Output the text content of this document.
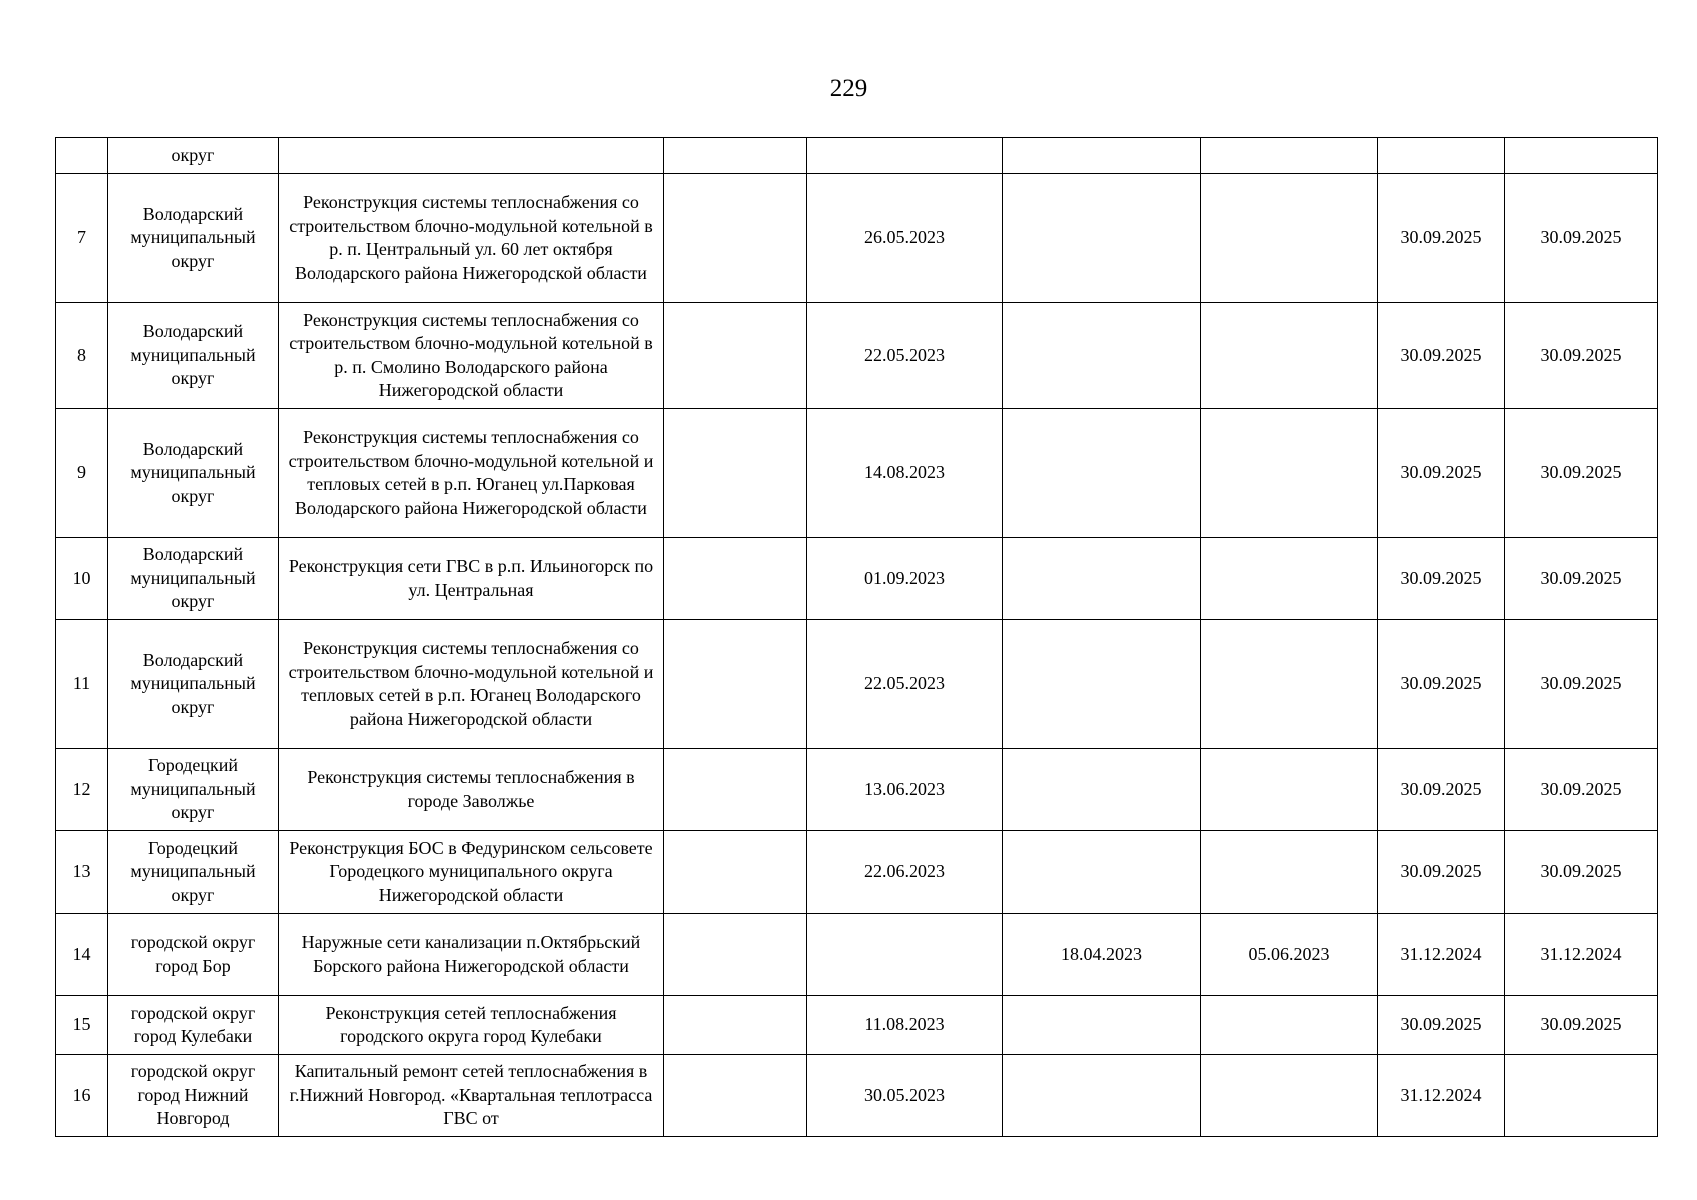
229
	округ							
7	Володарский муниципальный округ	Реконструкция системы теплоснабжения со строительством блочно-модульной котельной в р. п. Центральный ул. 60 лет октября Володарского района Нижегородской области		26.05.2023			30.09.2025	30.09.2025
8	Володарский муниципальный округ	Реконструкция системы теплоснабжения со строительством блочно-модульной котельной в р. п. Смолино Володарского района Нижегородской области		22.05.2023			30.09.2025	30.09.2025
9	Володарский муниципальный округ	Реконструкция системы теплоснабжения со строительством блочно-модульной котельной и тепловых сетей в р.п. Юганец ул.Парковая Володарского района Нижегородской области		14.08.2023			30.09.2025	30.09.2025
10	Володарский муниципальный округ	Реконструкция сети ГВС в р.п. Ильиногорск по ул. Центральная		01.09.2023			30.09.2025	30.09.2025
11	Володарский муниципальный округ	Реконструкция системы теплоснабжения со строительством блочно-модульной котельной и тепловых сетей в р.п. Юганец Володарского района Нижегородской области		22.05.2023			30.09.2025	30.09.2025
12	Городецкий муниципальный округ	Реконструкция системы теплоснабжения в городе Заволжье		13.06.2023			30.09.2025	30.09.2025
13	Городецкий муниципальный округ	Реконструкция БОС в Федуринском сельсовете Городецкого муниципального округа Нижегородской области		22.06.2023			30.09.2025	30.09.2025
14	городской округ город Бор	Наружные сети канализации п.Октябрьский Борского района Нижегородской области			18.04.2023	05.06.2023	31.12.2024	31.12.2024
15	городской округ город Кулебаки	Реконструкция сетей теплоснабжения городского округа город Кулебаки		11.08.2023			30.09.2025	30.09.2025
16	городской округ город Нижний Новгород	Капитальный ремонт сетей теплоснабжения в г.Нижний Новгород. «Квартальная теплотрасса ГВС от		30.05.2023			31.12.2024	
